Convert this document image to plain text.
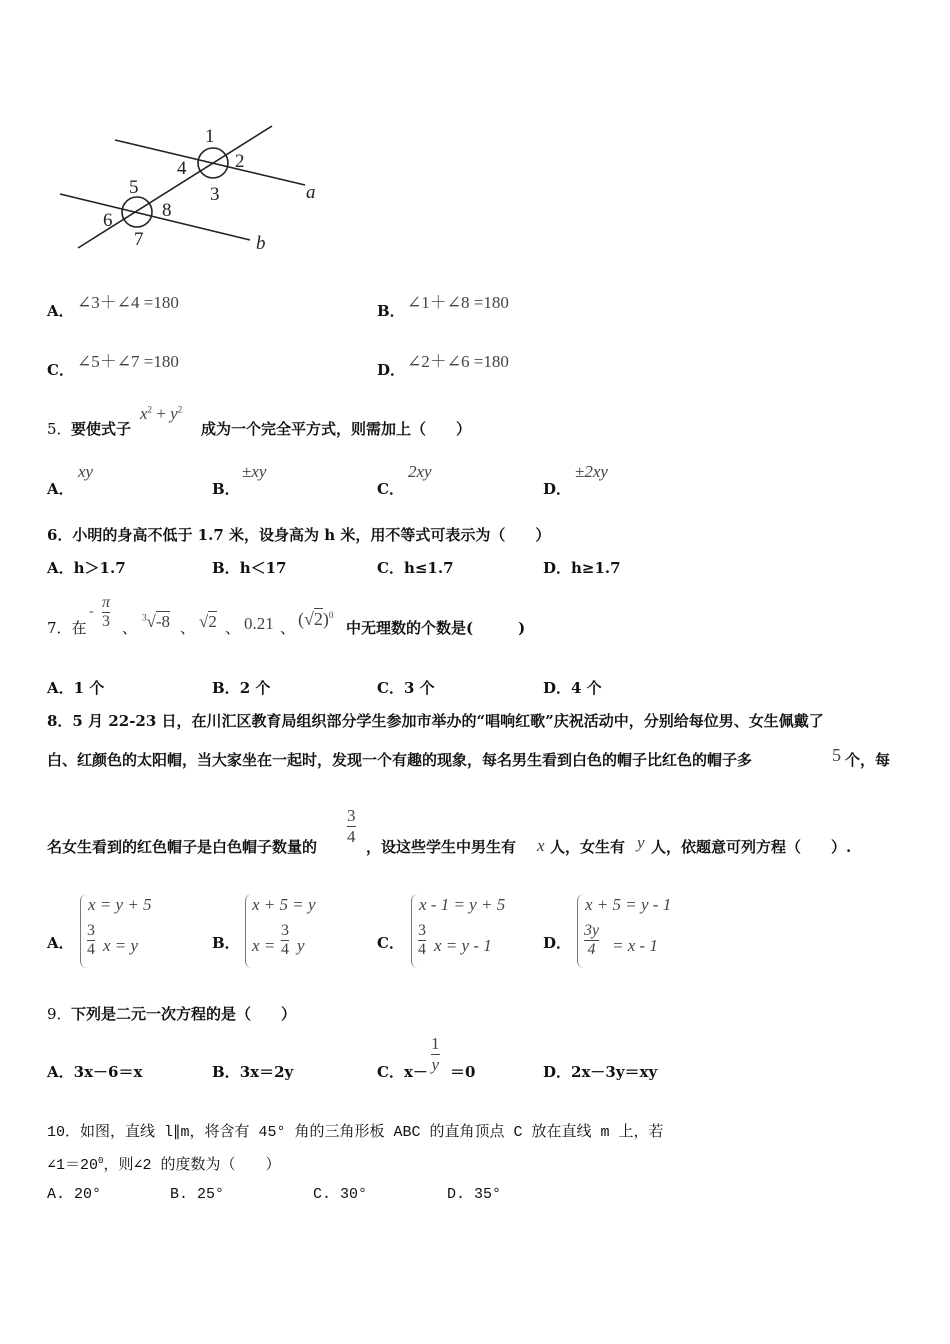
1
2
3
4
5
6
7
8
a
b
A． ∠3＋∠4 =180	B． ∠1＋∠8 =180
C． ∠5＋∠7 =180	D． ∠2＋∠6 =180
5． 要使式子
$x^2 + y^2$
成为一个完全平方式，则需加上（　　）
A．
xy
B．
±xy
C．
2xy
D．
±2xy
6．小明的身高不低于 1.7 米，设身高为 h 米，用不等式可表示为（　　）
A．h＞1.7	B．h＜17	C．h≤1.7	D．h≥1.7
7．在
- $\frac{\pi}{3}$ 、
$^3$√-8 、 √2 、 0.21 、 $(√2)^0$
中无理数的个数是(　　　)
A．1 个	B．2 个	C．3 个	D．4 个
8．5 月 22-23 日，在川汇区教育局组织部分学生参加市举办的“唱响红歌”庆祝活动中，分别给每位男、女生佩戴了
白、红颜色的太阳帽，当大家坐在一起时，发现一个有趣的现象，每名男生看到白色的帽子比红色的帽子多	5 个，每
名女生看到的红色帽子是白色帽子数量的
$\frac{3}{4}$
，设这些学生中男生有 x 人，女生有 y 人，依题意可列方程（　　）.
A．
x = y + 5
$\frac{3}{4}$ x = y	B．
x + 5 = y
$x = \frac{3}{4}$ y	C．
x - 1 = y + 5
$\frac{3}{4}$ x = y - 1	D．
x + 5 = y - 1
$\frac{3y}{4} = x - 1$
9． 下列是二元一次方程的是（　　）
A．3x－6＝x	B．3x＝2y	C．$x- \frac{1}{y} =0$	D．2x－3y＝xy
10．如图，直线 l∥m，将含有 45° 角的三角形板 ABC 的直角顶点 C 放在直线 m 上，若
$\angle 1=20^0$，则∠2 的度数为（　　）
A. 20°	B. 25°	C. 30°	D. 35°
